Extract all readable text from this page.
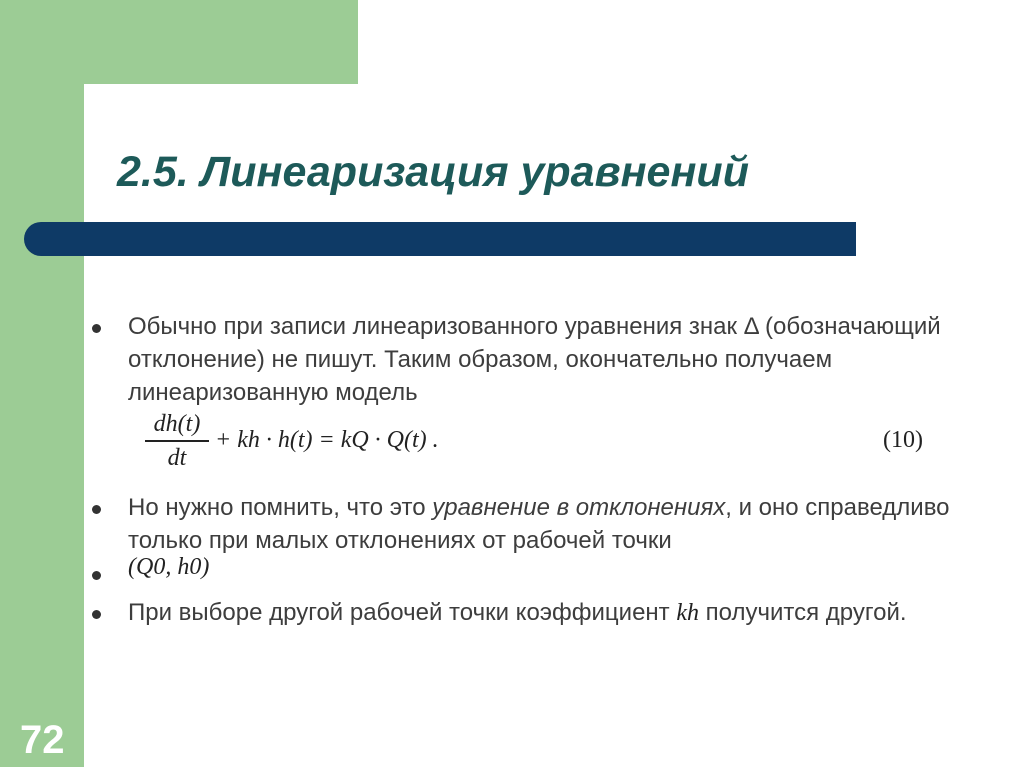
2.5. Линеаризация уравнений
Обычно при записи линеаризованного уравнения знак Δ (обозначающий отклонение) не пишут. Таким образом, окончательно получаем линеаризованную модель
dh(t)
dt
+ kh · h(t) = kQ · Q(t) .	(10)
Но нужно помнить, что это уравнение в отклонениях, и оно справедливо только при малых отклонениях от рабочей точки
(Q0, h0)
При выборе другой рабочей точки коэффициент kh получится другой.
72
